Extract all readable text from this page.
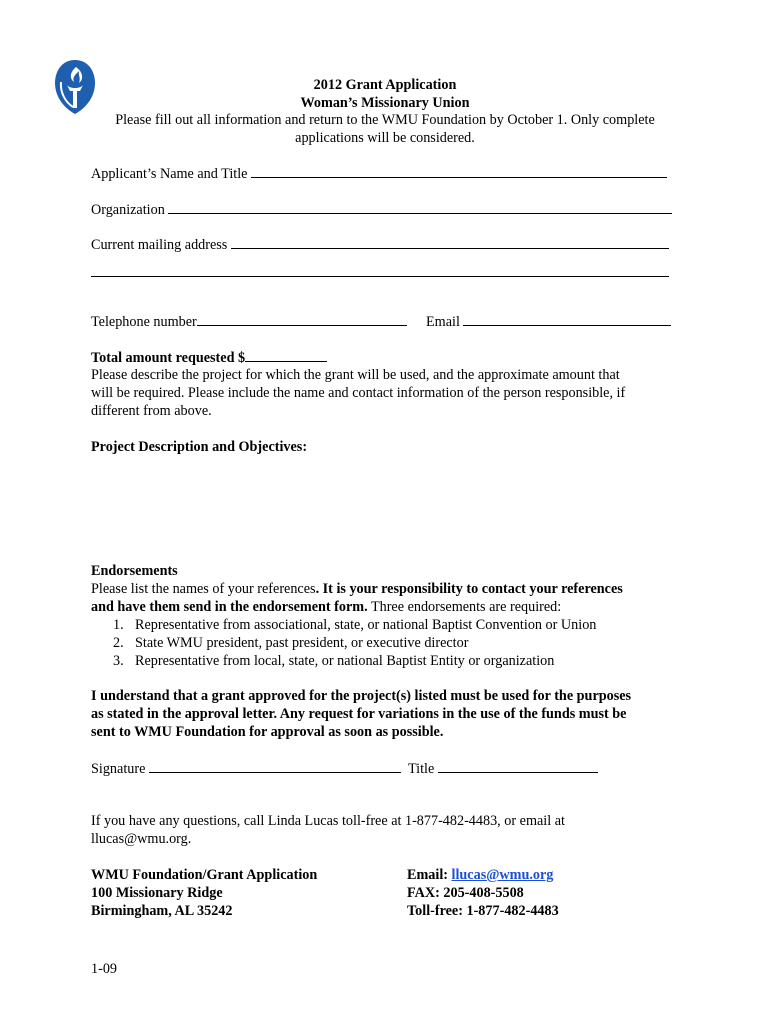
2012 Grant Application
Woman’s Missionary Union
Please fill out all information and return to the WMU Foundation by October 1. Only complete
applications will be considered.
Applicant’s Name and Title
Organization
Current mailing address
Telephone number	Email
Total amount requested $
Please describe the project for which the grant will be used, and the approximate amount that
will be required. Please include the name and contact information of the person responsible, if
different from above.
Project Description and Objectives:
Endorsements
Please list the names of your references. It is your responsibility to contact your references
and have them send in the endorsement form. Three endorsements are required:
1. Representative from associational, state, or national Baptist Convention or Union
2. State WMU president, past president, or executive director
3. Representative from local, state, or national Baptist Entity or organization
I understand that a grant approved for the project(s) listed must be used for the purposes
as stated in the approval letter. Any request for variations in the use of the funds must be
sent to WMU Foundation for approval as soon as possible.
Signature	Title
If you have any questions, call Linda Lucas toll-free at 1-877-482-4483, or email at
llucas@wmu.org.
WMU Foundation/Grant Application
100 Missionary Ridge
Birmingham, AL 35242
Email: llucas@wmu.org
FAX: 205-408-5508
Toll-free: 1-877-482-4483
1-09
